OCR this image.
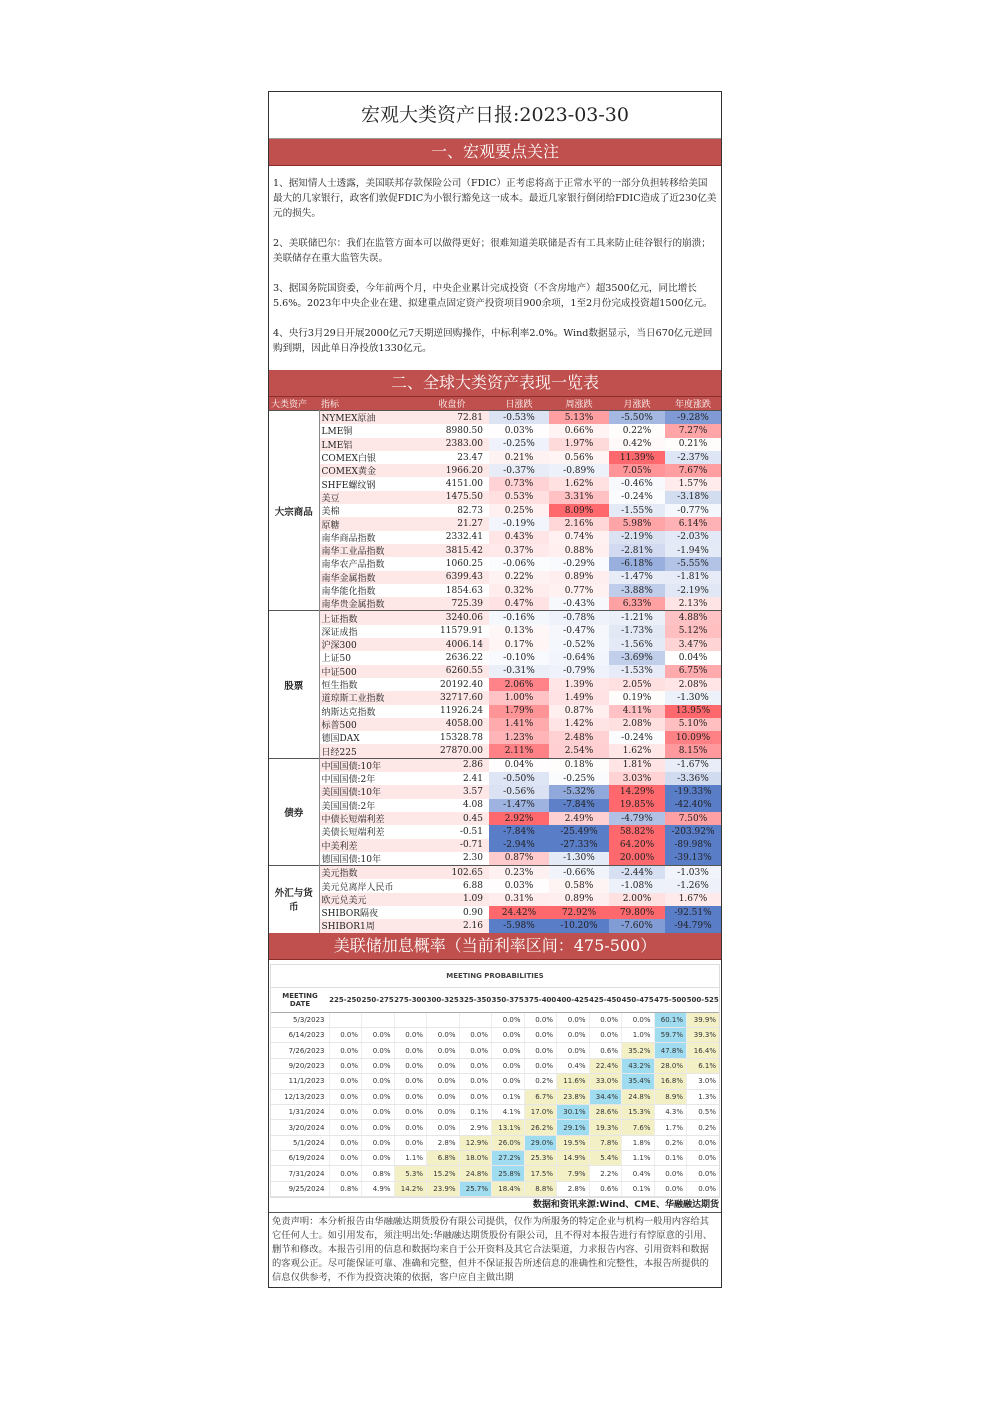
宏观大类资产日报:2023-03-30
一、宏观要点关注

1、据知情人士透露，美国联邦存款保险公司（FDIC）正考虑将高于正常水平的一部分负担转移给美国最大的几家银行，政客们敦促FDIC为小银行豁免这一成本。最近几家银行倒闭给FDIC造成了近230亿美元的损失。

2、美联储巴尔：我们在监管方面本可以做得更好；很难知道美联储是否有工具来防止硅谷银行的崩溃；美联储存在重大监管失误。

3、据国务院国资委，今年前两个月，中央企业累计完成投资（不含房地产）超3500亿元，同比增长5.6%。2023年中央企业在建、拟建重点固定资产投资项目900余项，1至2月份完成投资超1500亿元。

4、央行3月29日开展2000亿元7天期逆回购操作，中标利率2.0%。Wind数据显示，当日670亿元逆回购到期，因此单日净投放1330亿元。

二、全球大类资产表现一览表
大类资产	指标	收盘价	日涨跌	周涨跌	月涨跌	年度涨跌
大宗商品	NYMEX原油	72.81	-0.53%	5.13%	-5.50%	-9.28%
	LME铜	8980.50	0.03%	0.66%	0.22%	7.27%
	LME铝	2383.00	-0.25%	1.97%	0.42%	0.21%
	COMEX白银	23.47	0.21%	0.56%	11.39%	-2.37%
	COMEX黄金	1966.20	-0.37%	-0.89%	7.05%	7.67%
	SHFE螺纹钢	4151.00	0.73%	1.62%	-0.46%	1.57%
	美豆	1475.50	0.53%	3.31%	-0.24%	-3.18%
	美棉	82.73	0.25%	8.09%	-1.55%	-0.77%
	原糖	21.27	-0.19%	2.16%	5.98%	6.14%
	南华商品指数	2332.41	0.43%	0.74%	-2.19%	-2.03%
	南华工业品指数	3815.42	0.37%	0.88%	-2.81%	-1.94%
	南华农产品指数	1060.25	-0.06%	-0.29%	-6.18%	-5.55%
	南华金属指数	6399.43	0.22%	0.89%	-1.47%	-1.81%
	南华能化指数	1854.63	0.32%	0.77%	-3.88%	-2.19%
	南华贵金属指数	725.39	0.47%	-0.43%	6.33%	2.13%
股票	上证指数	3240.06	-0.16%	-0.78%	-1.21%	4.88%
	深证成指	11579.91	0.13%	-0.47%	-1.73%	5.12%
	沪深300	4006.14	0.17%	-0.52%	-1.56%	3.47%
	上证50	2636.22	-0.10%	-0.64%	-3.69%	0.04%
	中证500	6260.55	-0.31%	-0.79%	-1.53%	6.75%
	恒生指数	20192.40	2.06%	1.39%	2.05%	2.08%
	道琼斯工业指数	32717.60	1.00%	1.49%	0.19%	-1.30%
	纳斯达克指数	11926.24	1.79%	0.87%	4.11%	13.95%
	标普500	4058.00	1.41%	1.42%	2.08%	5.10%
	德国DAX	15328.78	1.23%	2.48%	-0.24%	10.09%
	日经225	27870.00	2.11%	2.54%	1.62%	8.15%
债券	中国国债:10年	2.86	0.04%	0.18%	1.81%	-1.67%
	中国国债:2年	2.41	-0.50%	-0.25%	3.03%	-3.36%
	美国国债:10年	3.57	-0.56%	-5.32%	14.29%	-19.33%
	美国国债:2年	4.08	-1.47%	-7.84%	19.85%	-42.40%
	中债长短端利差	0.45	2.92%	2.49%	-4.79%	7.50%
	美债长短端利差	-0.51	-7.84%	-25.49%	58.82%	-203.92%
	中美利差	-0.71	-2.94%	-27.33%	64.20%	-89.98%
	德国国债:10年	2.30	0.87%	-1.30%	20.00%	-39.13%
外汇与货币	美元指数	102.65	0.23%	-0.66%	-2.44%	-1.03%
	美元兑离岸人民币	6.88	0.03%	0.58%	-1.08%	-1.26%
	欧元兑美元	1.09	0.31%	0.89%	2.00%	1.67%
	SHIBOR隔夜	0.90	24.42%	72.92%	79.80%	-92.51%
	SHIBOR1周	2.16	-5.98%	-10.20%	-7.60%	-94.79%
美联储加息概率（当前利率区间：475-500）
MEETING PROBABILITIES
MEETING DATE	225-250	250-275	275-300	300-325	325-350	350-375	375-400	400-425	425-450	450-475	475-500	500-525
5/3/2023						0.0%	0.0%	0.0%	0.0%	0.0%	60.1%	39.9%
6/14/2023	0.0%	0.0%	0.0%	0.0%	0.0%	0.0%	0.0%	0.0%	0.0%	1.0%	59.7%	39.3%
7/26/2023	0.0%	0.0%	0.0%	0.0%	0.0%	0.0%	0.0%	0.0%	0.6%	35.2%	47.8%	16.4%
9/20/2023	0.0%	0.0%	0.0%	0.0%	0.0%	0.0%	0.0%	0.4%	22.4%	43.2%	28.0%	6.1%
11/1/2023	0.0%	0.0%	0.0%	0.0%	0.0%	0.0%	0.2%	11.6%	33.0%	35.4%	16.8%	3.0%
12/13/2023	0.0%	0.0%	0.0%	0.0%	0.0%	0.1%	6.7%	23.8%	34.4%	24.8%	8.9%	1.3%
1/31/2024	0.0%	0.0%	0.0%	0.0%	0.1%	4.1%	17.0%	30.1%	28.6%	15.3%	4.3%	0.5%
3/20/2024	0.0%	0.0%	0.0%	0.0%	2.9%	13.1%	26.2%	29.1%	19.3%	7.6%	1.7%	0.2%
5/1/2024	0.0%	0.0%	0.0%	2.8%	12.9%	26.0%	29.0%	19.5%	7.8%	1.8%	0.2%	0.0%
6/19/2024	0.0%	0.0%	1.1%	6.8%	18.0%	27.2%	25.3%	14.9%	5.4%	1.1%	0.1%	0.0%
7/31/2024	0.0%	0.8%	5.3%	15.2%	24.8%	25.8%	17.5%	7.9%	2.2%	0.4%	0.0%	0.0%
9/25/2024	0.8%	4.9%	14.2%	23.9%	25.7%	18.4%	8.8%	2.8%	0.6%	0.1%	0.0%	0.0%
数据和资讯来源:Wind、CME、华融融达期货
免责声明：本分析报告由华融融达期货股份有限公司提供，仅作为所服务的特定企业与机构一般用内容给其它任何人士。如引用发布，须注明出处:华融融达期货股份有限公司，且不得对本报告进行有悖原意的引用、删节和修改。本报告引用的信息和数据均来自于公开资料及其它合法渠道，力求报告内容、引用资料和数据的客观公正。尽可能保证可靠、准确和完整，但并不保证报告所述信息的准确性和完整性，本报告所提供的信息仅供参考，不作为投资决策的依据，客户应自主做出期
